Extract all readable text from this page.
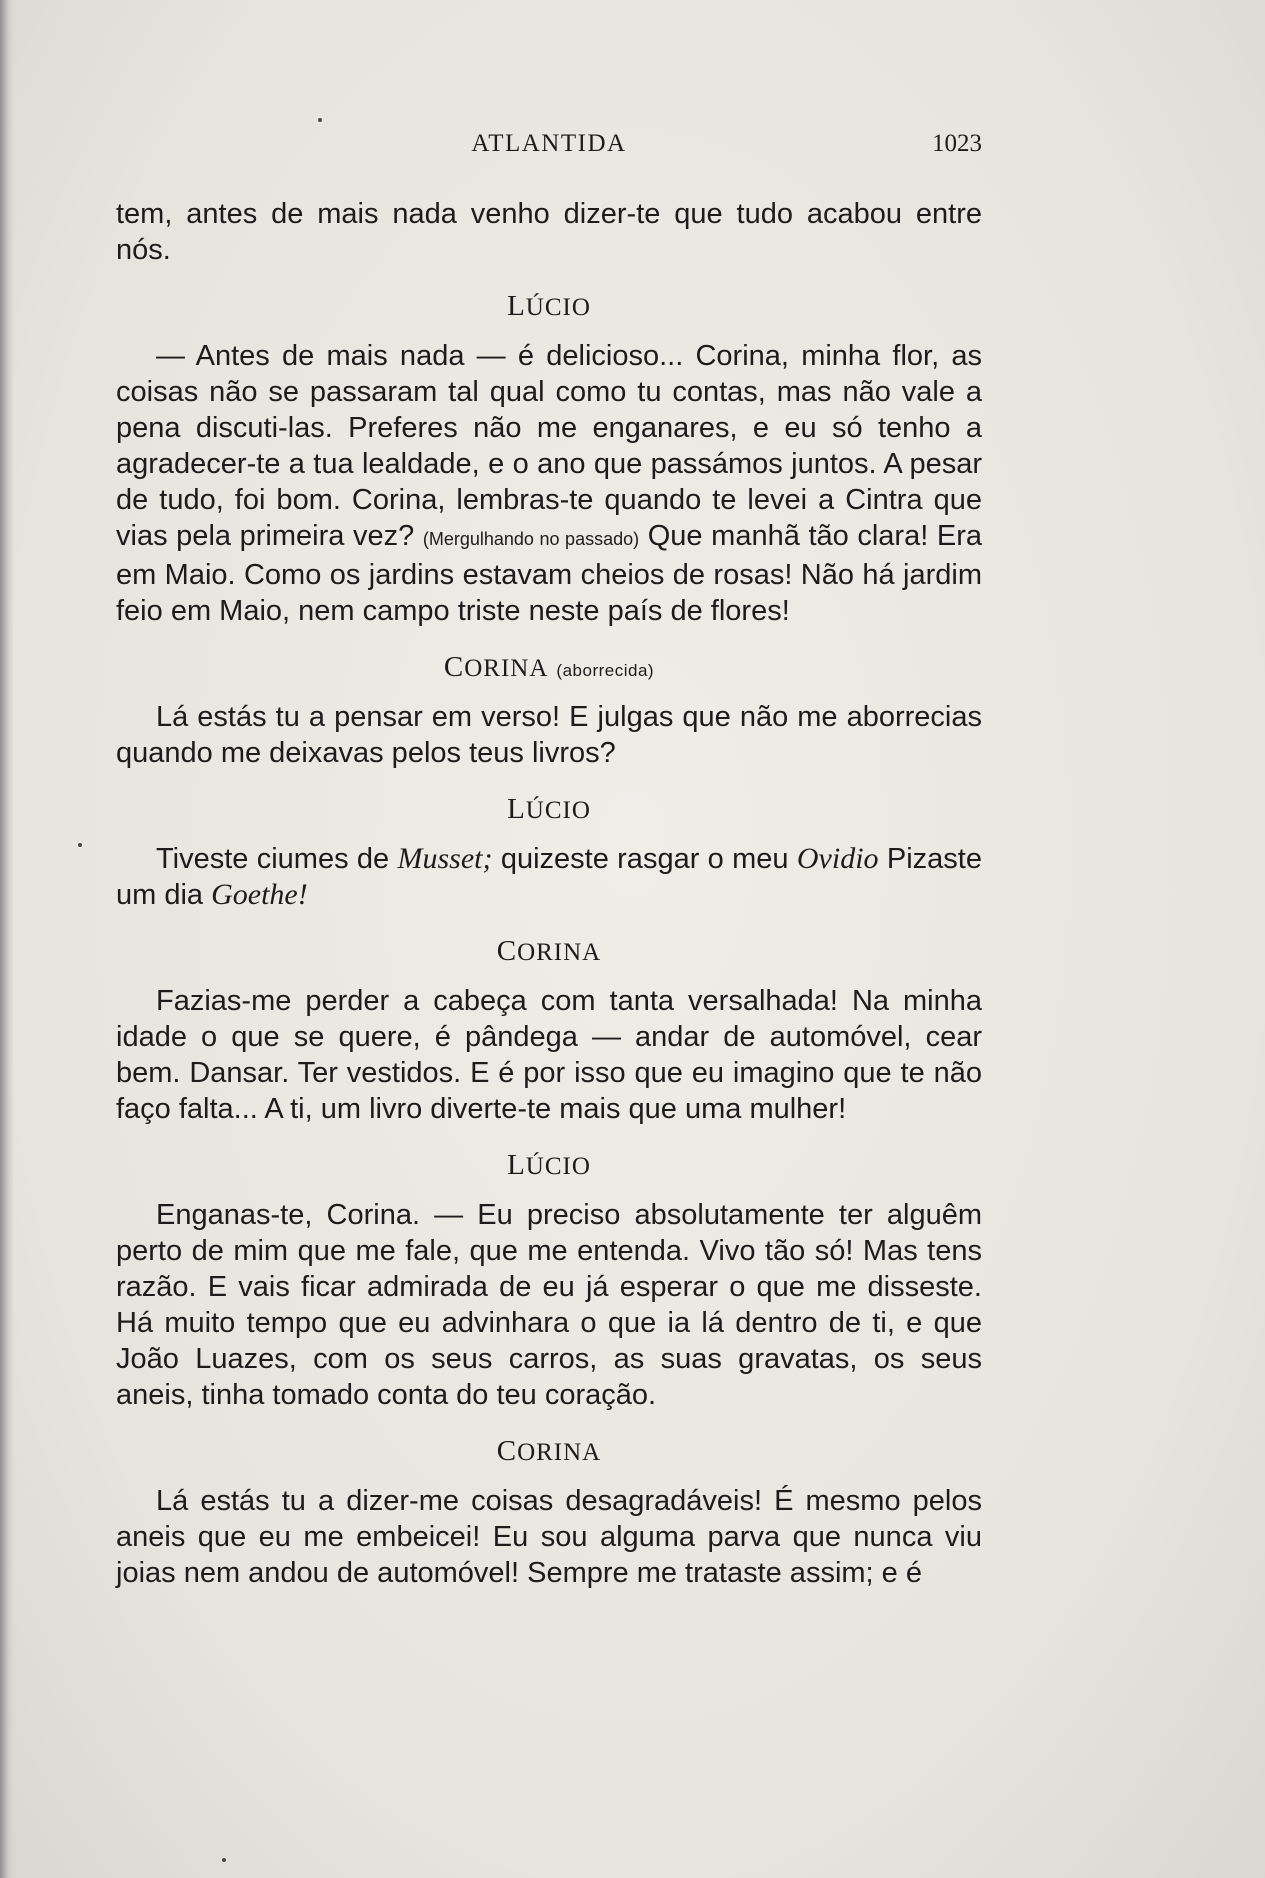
ATLANTIDA	1023

tem, antes de mais nada venho dizer-te que tudo acabou entre nós.

LÚCIO

— Antes de mais nada — é delicioso... Corina, minha flor, as coisas não se passaram tal qual como tu contas, mas não vale a pena discuti-las. Preferes não me enganares, e eu só tenho a agradecer-te a tua lealdade, e o ano que passámos juntos. A pesar de tudo, foi bom. Corina, lembras-te quando te levei a Cintra que vias pela primeira vez? (Mergulhando no passado) Que manhã tão clara! Era em Maio. Como os jardins estavam cheios de rosas! Não há jardim feio em Maio, nem campo triste neste país de flores!

CORINA (aborrecida)

Lá estás tu a pensar em verso! E julgas que não me aborrecias quando me deixavas pelos teus livros?

LÚCIO

Tiveste ciumes de Musset; quizeste rasgar o meu Ovidio Pizaste um dia Goethe!

CORINA

Fazias-me perder a cabeça com tanta versalhada! Na minha idade o que se quere, é pândega — andar de automóvel, cear bem. Dansar. Ter vestidos. E é por isso que eu imagino que te não faço falta... A ti, um livro diverte-te mais que uma mulher!

LÚCIO

Enganas-te, Corina. — Eu preciso absolutamente ter alguêm perto de mim que me fale, que me entenda. Vivo tão só! Mas tens razão. E vais ficar admirada de eu já esperar o que me disseste. Há muito tempo que eu advinhara o que ia lá dentro de ti, e que João Luazes, com os seus carros, as suas gravatas, os seus aneis, tinha tomado conta do teu coração.

CORINA

Lá estás tu a dizer-me coisas desagradáveis! É mesmo pelos aneis que eu me embeicei! Eu sou alguma parva que nunca viu joias nem andou de automóvel! Sempre me trataste assim; e é
